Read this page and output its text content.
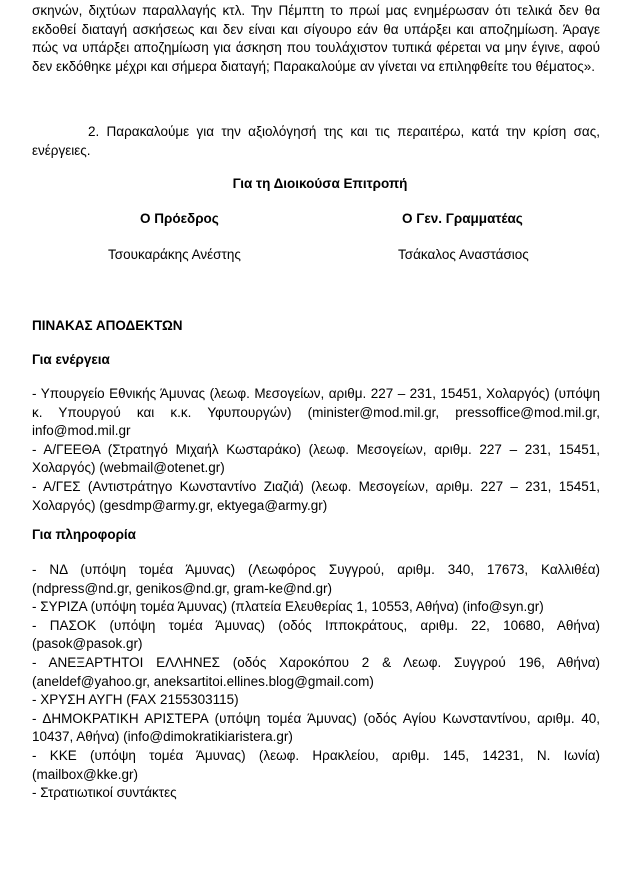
σκηνών, διχτύων παραλλαγής κτλ. Την Πέμπτη το πρωί μας ενημέρωσαν ότι τελικά δεν θα εκδοθεί διαταγή ασκήσεως και δεν είναι και σίγουρο εάν θα υπάρξει και αποζημίωση. Άραγε πώς να υπάρξει αποζημίωση για άσκηση που τουλάχιστον τυπικά φέρεται να μην έγινε, αφού δεν εκδόθηκε μέχρι και σήμερα διαταγή; Παρακαλούμε αν γίνεται να επιληφθείτε του θέματος».

2. Παρακαλούμε για την αξιολόγησή της και τις περαιτέρω, κατά την κρίση σας, ενέργειες.

Για τη Διοικούσα Επιτροπή
Ο Πρόεδρος	Ο Γεν. Γραμματέας
Τσουκαράκης Ανέστης	Τσάκαλος Αναστάσιος
ΠΙΝΑΚΑΣ ΑΠΟΔΕΚΤΩΝ
Για ενέργεια
- Υπουργείο Εθνικής Άμυνας (λεωφ. Μεσογείων, αριθμ. 227 – 231, 15451, Χολαργός) (υπόψη κ. Υπουργού και κ.κ. Υφυπουργών) (minister@mod.mil.gr, pressoffice@mod.mil.gr, info@mod.mil.gr
- Α/ΓΕΕΘΑ (Στρατηγό Μιχαήλ Κωσταράκο) (λεωφ. Μεσογείων, αριθμ. 227 – 231, 15451, Χολαργός) (webmail@otenet.gr)
- Α/ΓΕΣ (Αντιστράτηγο Κωνσταντίνο Ζιαζιά) (λεωφ. Μεσογείων, αριθμ. 227 – 231, 15451, Χολαργός) (gesdmp@army.gr, ektyega@army.gr)
Για πληροφορία
- ΝΔ (υπόψη τομέα Άμυνας) (Λεωφόρος Συγγρού, αριθμ. 340, 17673, Καλλιθέα) (ndpress@nd.gr, genikos@nd.gr, gram-ke@nd.gr)
- ΣΥΡΙΖΑ (υπόψη τομέα Άμυνας) (πλατεία Ελευθερίας 1, 10553, Αθήνα) (info@syn.gr)
- ΠΑΣΟΚ (υπόψη τομέα Άμυνας) (οδός Ιπποκράτους, αριθμ. 22, 10680, Αθήνα) (pasok@pasok.gr)
- ΑΝΕΞΑΡΤΗΤΟΙ ΕΛΛΗΝΕΣ (οδός Χαροκόπου 2 & Λεωφ. Συγγρού 196, Αθήνα) (aneldef@yahoo.gr, aneksartitoi.ellines.blog@gmail.com)
- ΧΡΥΣΗ ΑΥΓΗ (FAX 2155303115)
- ΔΗΜΟΚΡΑΤΙΚΗ ΑΡΙΣΤΕΡΑ (υπόψη τομέα Άμυνας) (οδός Αγίου Κωνσταντίνου, αριθμ. 40, 10437, Αθήνα) (info@dimokratikiaristera.gr)
- ΚΚΕ (υπόψη τομέα Άμυνας) (λεωφ. Ηρακλείου, αριθμ. 145, 14231, Ν. Ιωνία) (mailbox@kke.gr)
- Στρατιωτικοί συντάκτες
